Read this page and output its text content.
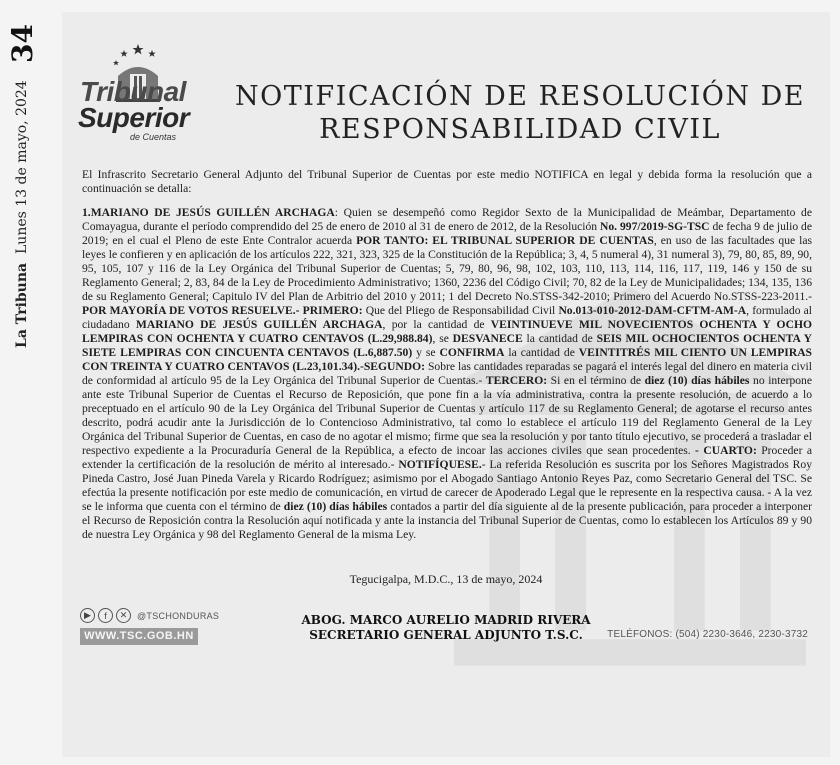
34
La Tribuna  Lunes 13 de mayo, 2024 Tribunal
Superior
de Cuentas
NOTIFICACIÓN DE RESOLUCIÓN DE
RESPONSABILIDAD CIVIL

El Infrascrito Secretario General Adjunto del Tribunal Superior de Cuentas por este medio NOTIFICA en legal y debida forma la resolución que a continuación se detalla:

1.MARIANO DE JESÚS GUILLÉN ARCHAGA: Quien se desempeñó como Regidor Sexto de la Municipalidad de Meámbar, Departamento de Comayagua, durante el período comprendido del 25 de enero de 2010 al 31 de enero de 2012, de la Resolución No. 997/2019-SG-TSC de fecha 9 de julio de 2019; en el cual el Pleno de este Ente Contralor acuerda POR TANTO: EL TRIBUNAL SUPERIOR DE CUENTAS, en uso de las facultades que las leyes le confieren y en aplicación de los artículos 222, 321, 323, 325 de la Constitución de la República; 3, 4, 5 numeral 4), 31 numeral 3), 79, 80, 85, 89, 90, 95, 105, 107 y 116 de la Ley Orgánica del Tribunal Superior de Cuentas; 5, 79, 80, 96, 98, 102, 103, 110, 113, 114, 116, 117, 119, 146 y 150 de su Reglamento General; 2, 83, 84 de la Ley de Procedimiento Administrativo; 1360, 2236 del Código Civil; 70, 82 de la Ley de Municipalidades; 134, 135, 136 de su Reglamento General; Capitulo IV del Plan de Arbitrio del 2010 y 2011; 1 del Decreto No.STSS-342-2010; Primero del Acuerdo No.STSS-223-2011.- POR MAYORÍA DE VOTOS RESUELVE.- PRIMERO: Que del Pliego de Responsabilidad Civil No.013-010-2012-DAM-CFTM-AM-A, formulado al ciudadano MARIANO DE JESÚS GUILLÉN ARCHAGA, por la cantidad de VEINTINUEVE MIL NOVECIENTOS OCHENTA Y OCHO LEMPIRAS CON OCHENTA Y CUATRO CENTAVOS (L.29,988.84), se DESVANECE la cantidad de SEIS MIL OCHOCIENTOS OCHENTA Y SIETE LEMPIRAS CON CINCUENTA CENTAVOS (L.6,887.50) y se CONFIRMA la cantidad de VEINTITRÉS MIL CIENTO UN LEMPIRAS CON TREINTA Y CUATRO CENTAVOS (L.23,101.34).-SEGUNDO: Sobre las cantidades reparadas se pagará el interés legal del dinero en materia civil de conformidad al artículo 95 de la Ley Orgánica del Tribunal Superior de Cuentas.- TERCERO: Si en el término de diez (10) días hábiles no interpone ante este Tribunal Superior de Cuentas el Recurso de Reposición, que pone fin a la vía administrativa, contra la presente resolución, de acuerdo a lo preceptuado en el artículo 90 de la Ley Orgánica del Tribunal Superior de Cuentas y artículo 117 de su Reglamento General; de agotarse el recurso antes descrito, podrá acudir ante la Jurisdicción de lo Contencioso Administrativo, tal como lo establece el artículo 119 del Reglamento General de la Ley Orgánica del Tribunal Superior de Cuentas, en caso de no agotar el mismo; firme que sea la resolución y por tanto título ejecutivo, se procederá a trasladar el respectivo expediente a la Procuraduría General de la República, a efecto de incoar las acciones civiles que sean procedentes. - CUARTO: Proceder a extender la certificación de la resolución de mérito al interesado.- NOTIFÍQUESE.- La referida Resolución es suscrita por los Señores Magistrados Roy Pineda Castro, José Juan Pineda Varela y Ricardo Rodríguez; asimismo por el Abogado Santiago Antonio Reyes Paz, como Secretario General del TSC. Se efectúa la presente notificación por este medio de comunicación, en virtud de carecer de Apoderado Legal que le represente en la respectiva causa. - A la vez se le informa que cuenta con el término de diez (10) días hábiles contados a partir del día siguiente al de la presente publicación, para proceder a interponer el Recurso de Reposición contra la Resolución aquí notificada y ante la instancia del Tribunal Superior de Cuentas, como lo establecen los Artículos 89 y 90 de nuestra Ley Orgánica y 98 del Reglamento General de la misma Ley.

Tegucigalpa, M.D.C., 13 de mayo, 2024
ABOG. MARCO AURELIO MADRID RIVERA
SECRETARIO GENERAL ADJUNTO T.S.C.
▶	f	✕	@TSCHONDURAS
WWW.TSC.GOB.HN	TELÉFONOS: (504) 2230-3646, 2230-3732
